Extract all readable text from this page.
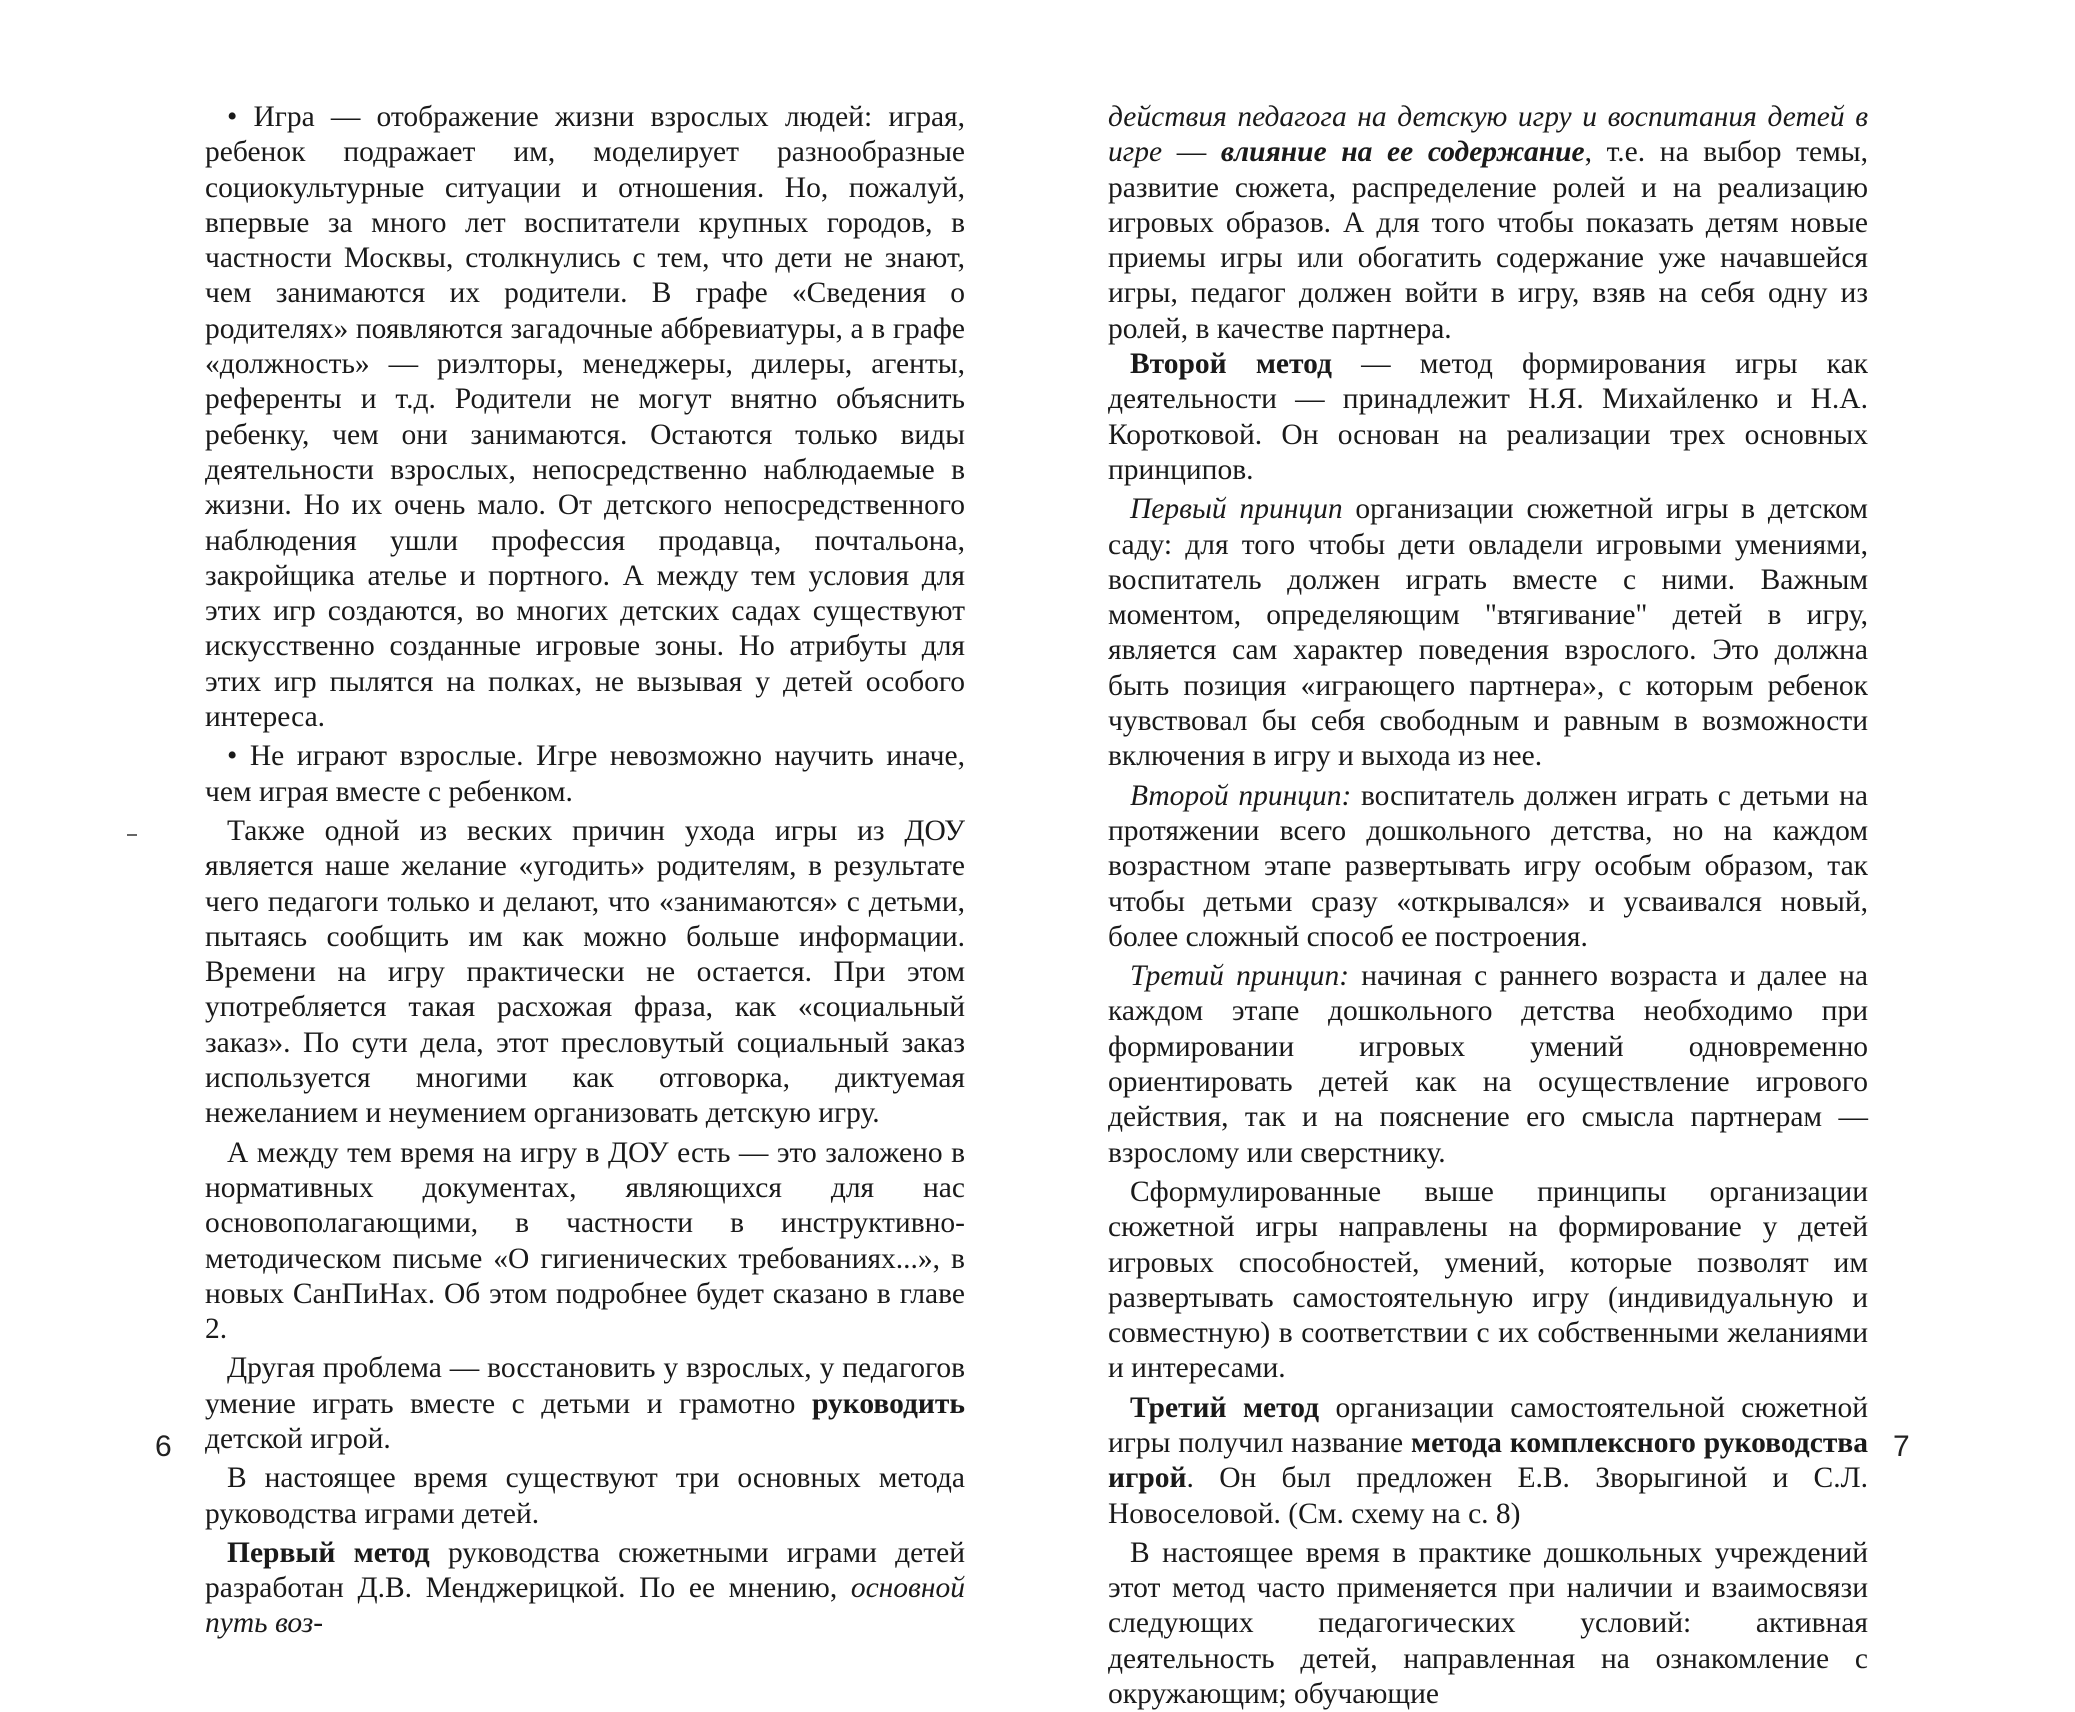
• Игра — отображение жизни взрослых людей: играя, ребенок подражает им, моделирует разнообразные социокультурные ситуации и отношения. Но, пожалуй, впервые за много лет воспитатели крупных городов, в частности Москвы, столкнулись с тем, что дети не знают, чем занимаются их родители. В графе «Сведения о родителях» появляются загадочные аббревиатуры, а в графе «должность» — риэлторы, менеджеры, дилеры, агенты, референты и т.д. Родители не могут внятно объяснить ребенку, чем они занимаются. Остаются только виды деятельности взрослых, непосредственно наблюдаемые в жизни. Но их очень мало. От детского непосредственного наблюдения ушли профессия продавца, почтальона, закройщика ателье и портного. А между тем условия для этих игр создаются, во многих детских садах существуют искусственно созданные игровые зоны. Но атрибуты для этих игр пылятся на полках, не вызывая у детей особого интереса.

• Не играют взрослые. Игре невозможно научить иначе, чем играя вместе с ребенком.

Также одной из веских причин ухода игры из ДОУ является наше желание «угодить» родителям, в результате чего педагоги только и делают, что «занимаются» с детьми, пытаясь сообщить им как можно больше информации. Времени на игру практически не остается. При этом употребляется такая расхожая фраза, как «социальный заказ». По сути дела, этот пресловутый социальный заказ используется многими как отговорка, диктуемая нежеланием и неумением организовать детскую игру.

А между тем время на игру в ДОУ есть — это заложено в нормативных документах, являющихся для нас основополагающими, в частности в инструктивно-методическом письме «О гигиенических требованиях...», в новых СанПиНах. Об этом подробнее будет сказано в главе 2.

Другая проблема — восстановить у взрослых, у педагогов умение играть вместе с детьми и грамотно руководить детской игрой.

В настоящее время существуют три основных метода руководства играми детей.

Первый метод руководства сюжетными играми детей разработан Д.В. Менджерицкой. По ее мнению, основной путь воз-

действия педагога на детскую игру и воспитания детей в игре — влияние на ее содержание, т.е. на выбор темы, развитие сюжета, распределение ролей и на реализацию игровых образов. А для того чтобы показать детям новые приемы игры или обогатить содержание уже начавшейся игры, педагог должен войти в игру, взяв на себя одну из ролей, в качестве партнера.

Второй метод — метод формирования игры как деятельности — принадлежит Н.Я. Михайленко и Н.А. Коротковой. Он основан на реализации трех основных принципов.

Первый принцип организации сюжетной игры в детском саду: для того чтобы дети овладели игровыми умениями, воспитатель должен играть вместе с ними. Важным моментом, определяющим "втягивание" детей в игру, является сам характер поведения взрослого. Это должна быть позиция «играющего партнера», с которым ребенок чувствовал бы себя свободным и равным в возможности включения в игру и выхода из нее.

Второй принцип: воспитатель должен играть с детьми на протяжении всего дошкольного детства, но на каждом возрастном этапе развертывать игру особым образом, так чтобы детьми сразу «открывался» и усваивался новый, более сложный способ ее построения.

Третий принцип: начиная с раннего возраста и далее на каждом этапе дошкольного детства необходимо при формировании игровых умений одновременно ориентировать детей как на осуществление игрового действия, так и на пояснение его смысла партнерам — взрослому или сверстнику.

Сформулированные выше принципы организации сюжетной игры направлены на формирование у детей игровых способностей, умений, которые позволят им развертывать самостоятельную игру (индивидуальную и совместную) в соответствии с их собственными желаниями и интересами.

Третий метод организации самостоятельной сюжетной игры получил название метода комплексного руководства игрой. Он был предложен Е.В. Зворыгиной и С.Л. Новоселовой. (См. схему на с. 8)

В настоящее время в практике дошкольных учреждений этот метод часто применяется при наличии и взаимосвязи следующих педагогических условий: активная деятельность детей, направленная на ознакомление с окружающим; обучающие

6	7
